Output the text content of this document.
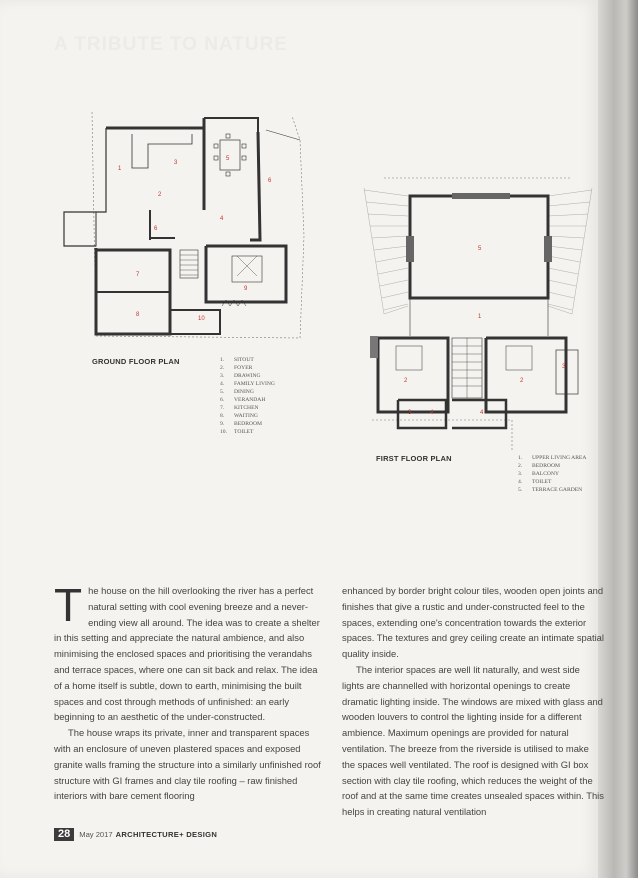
A TRIBUTE TO NATURE
1
2
3
4
5
6
6
7
8
9
10
5
1
2	2
3
3	4	4
GROUND FLOOR PLAN	1. SITOUT
2. FOYER
3. DRAWING
4. FAMILY LIVING
5. DINING
6. VERANDAH
7. KITCHEN
8. WAITING
9. BEDROOM
10. TOILET
FIRST FLOOR PLAN	1. UPPER LIVING AREA
2. BEDROOM
3. BALCONY
4. TOILET
5. TERRACE GARDEN

The house on the hill overlooking the river has a perfect natural setting with cool evening breeze and a never-ending view all around. The idea was to create a shelter in this setting and appreciate the natural ambience, and also minimising the enclosed spaces and prioritising the verandahs and terrace spaces, where one can sit back and relax. The idea of a home itself is subtle, down to earth, minimising the built spaces and cost through methods of unfinished: an early beginning to an aesthetic of the under-constructed.

The house wraps its private, inner and transparent spaces with an enclosure of uneven plastered spaces and exposed granite walls framing the structure into a similarly unfinished roof structure with GI frames and clay tile roofing – raw finished interiors with bare cement flooring

enhanced by border bright colour tiles, wooden open joints and finishes that give a rustic and under-constructed feel to the spaces, extending one's concentration towards the exterior spaces. The textures and grey ceiling create an intimate spatial quality inside.

The interior spaces are well lit naturally, and west side lights are channelled with horizontal openings to create dramatic lighting inside. The windows are mixed with glass and wooden louvers to control the lighting inside for a different ambience. Maximum openings are provided for natural ventilation. The breeze from the riverside is utilised to make the spaces well ventilated. The roof is designed with GI box section with clay tile roofing, which reduces the weight of the roof and at the same time creates unsealed spaces within. This helps in creating natural ventilation

28	May 2017 ARCHITECTURE+ DESIGN
